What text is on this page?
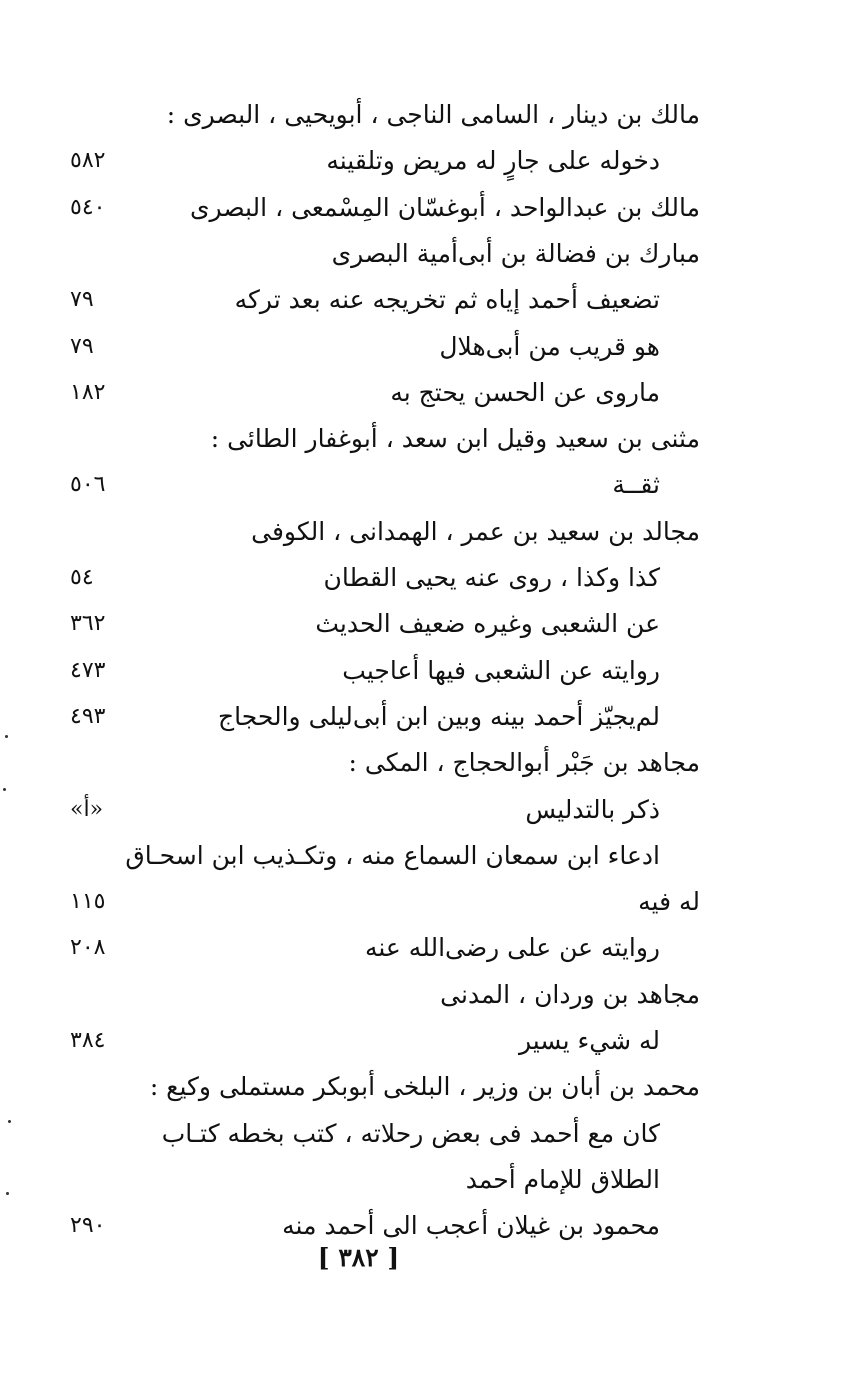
مالك بن دينار ، السامى الناجى ، أبويحيى ، البصرى :
دخوله على جارٍ له مريض وتلقينه
٥٨٢
مالك بن عبدالواحد ، أبوغسّان المِسْمعى ، البصرى
٥٤٠
مبارك بن فضالة بن أبى‌أمية البصرى
تضعيف أحمد إياه ثم تخريجه عنه بعد تركه
٧٩
هو قريب من أبى‌هلال
٧٩
ماروى عن الحسن يحتج به
١٨٢
مثنى بن سعيد وقيل ابن سعد ، أبوغفار الطائى :
ثقــة
٥٠٦
مجالد بن سعيد بن عمر ، الهمدانى ، الكوفى
كذا وكذا ، روى عنه يحيى القطان
٥٤
عن الشعبى وغيره ضعيف الحديث
٣٦٢
روايته عن الشعبى فيها أعاجيب
٤٧٣
لم‌يجيّز أحمد بينه وبين ابن أبى‌ليلى والحجاج
٤٩٣
مجاهد بن جَبْر أبوالحجاج ، المكى :
ذكر بالتدليس
«أ»
ادعاء ابن سمعان السماع منه ، وتكـذيب ابن اسحـاق
له فيه
١١٥
روايته عن على رضى‌الله عنه
٢٠٨
مجاهد بن وردان ، المدنى
له شيء يسير
٣٨٤
محمد بن أبان بن وزير ، البلخى أبوبكر مستملى وكيع :
كان مع أحمد فى بعض رحلاته ، كتب بخطه كتـاب
الطلاق للإمام أحمد
محمود بن غيلان أعجب الى أحمد منه
٢٩٠
[ ٣٨٢ ]
